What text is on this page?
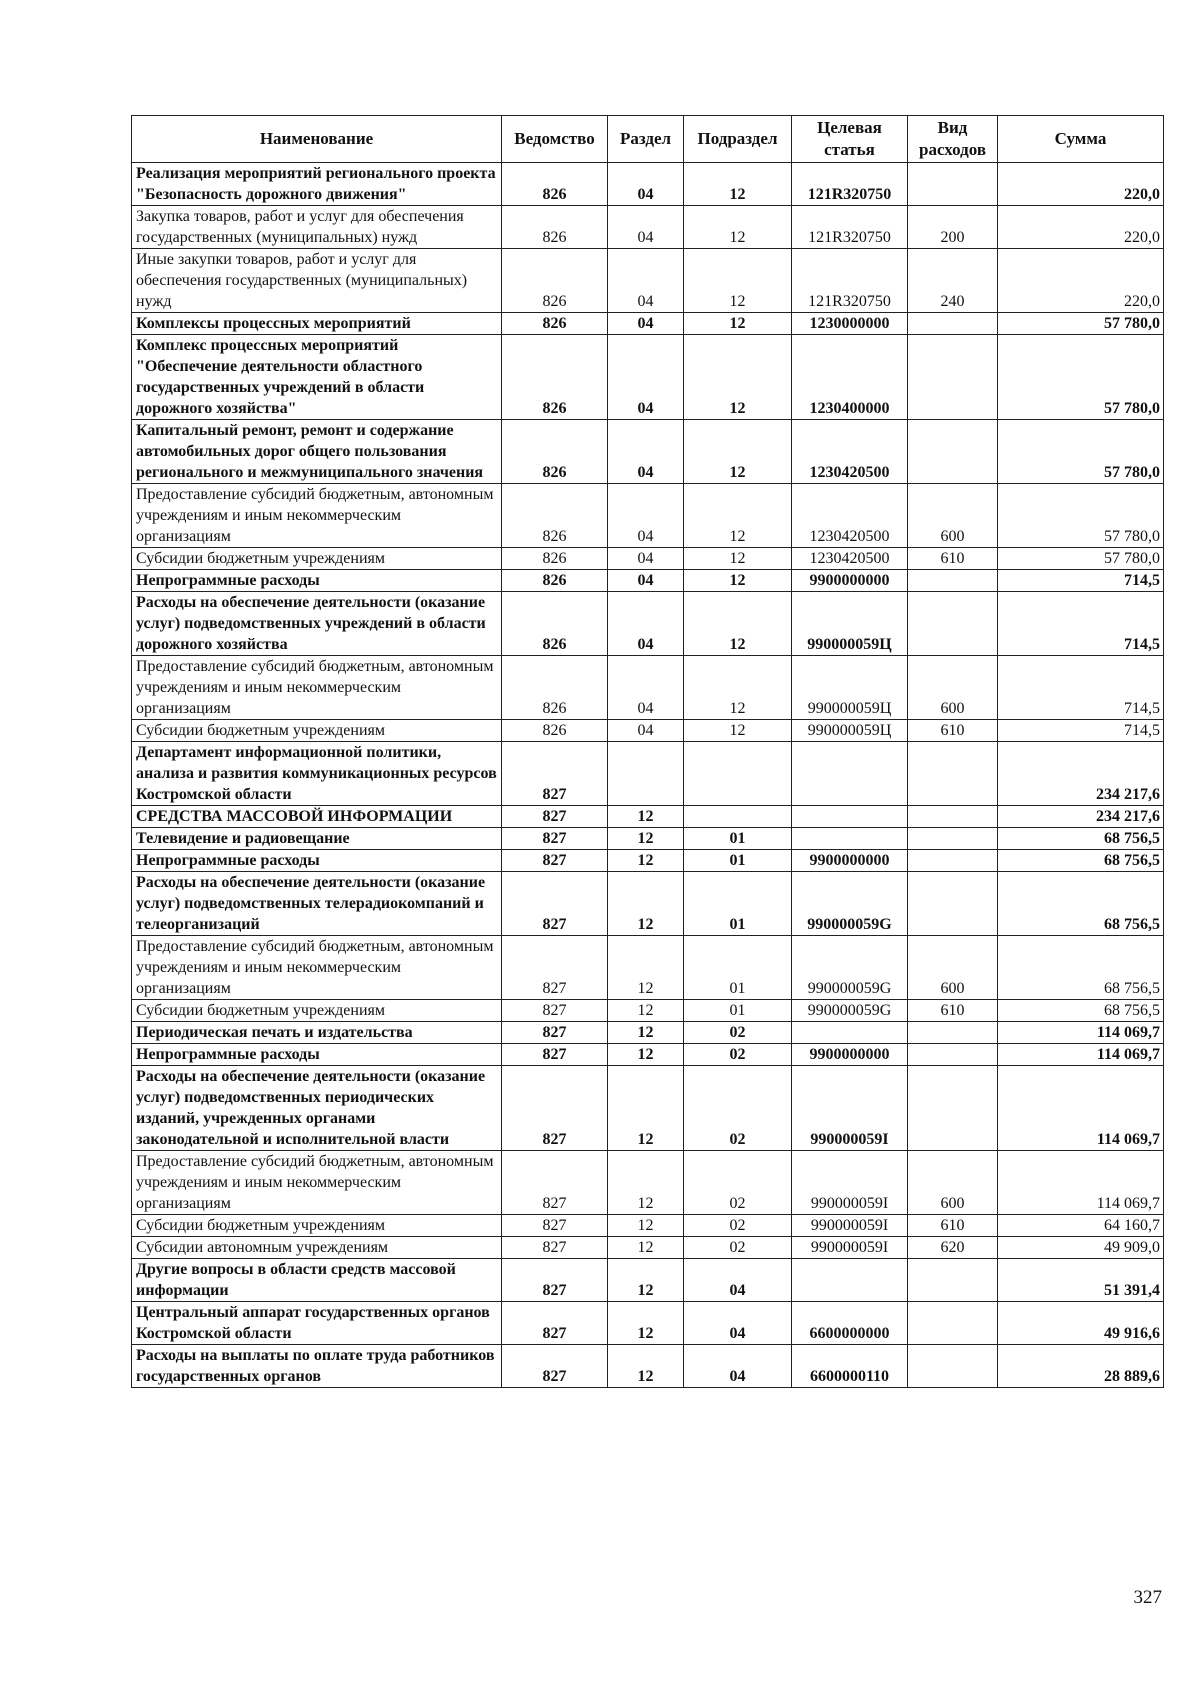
Наименование	Ведомство	Раздел	Подраздел	Целевая статья	Вид расходов	Сумма
Реализация мероприятий регионального проекта "Безопасность дорожного движения"	826	04	12	121R320750		220,0
Закупка товаров, работ и услуг для обеспечения государственных (муниципальных) нужд	826	04	12	121R320750	200	220,0
Иные закупки товаров, работ и услуг для обеспечения государственных (муниципальных) нужд	826	04	12	121R320750	240	220,0
Комплексы процессных мероприятий	826	04	12	1230000000		57 780,0
Комплекс процессных мероприятий "Обеспечение деятельности областного государственных учреждений в области дорожного хозяйства"	826	04	12	1230400000		57 780,0
Капитальный ремонт, ремонт и содержание автомобильных дорог общего пользования регионального и межмуниципального значения	826	04	12	1230420500		57 780,0
Предоставление субсидий бюджетным, автономным учреждениям и иным некоммерческим организациям	826	04	12	1230420500	600	57 780,0
Субсидии бюджетным учреждениям	826	04	12	1230420500	610	57 780,0
Непрограммные расходы	826	04	12	9900000000		714,5
Расходы на обеспечение деятельности (оказание услуг) подведомственных учреждений в области дорожного хозяйства	826	04	12	990000059Ц		714,5
Предоставление субсидий бюджетным, автономным учреждениям и иным некоммерческим организациям	826	04	12	990000059Ц	600	714,5
Субсидии бюджетным учреждениям	826	04	12	990000059Ц	610	714,5
Департамент информационной политики, анализа и развития коммуникационных ресурсов Костромской области	827					234 217,6
СРЕДСТВА МАССОВОЙ ИНФОРМАЦИИ	827	12				234 217,6
Телевидение и радиовещание	827	12	01			68 756,5
Непрограммные расходы	827	12	01	9900000000		68 756,5
Расходы на обеспечение деятельности (оказание услуг) подведомственных телерадиокомпаний и телеорганизаций	827	12	01	990000059G		68 756,5
Предоставление субсидий бюджетным, автономным учреждениям и иным некоммерческим организациям	827	12	01	990000059G	600	68 756,5
Субсидии бюджетным учреждениям	827	12	01	990000059G	610	68 756,5
Периодическая печать и издательства	827	12	02			114 069,7
Непрограммные расходы	827	12	02	9900000000		114 069,7
Расходы на обеспечение деятельности (оказание услуг) подведомственных периодических изданий, учрежденных органами законодательной и исполнительной власти	827	12	02	990000059I		114 069,7
Предоставление субсидий бюджетным, автономным учреждениям и иным некоммерческим организациям	827	12	02	990000059I	600	114 069,7
Субсидии бюджетным учреждениям	827	12	02	990000059I	610	64 160,7
Субсидии автономным учреждениям	827	12	02	990000059I	620	49 909,0
Другие вопросы в области средств массовой информации	827	12	04			51 391,4
Центральный аппарат государственных органов Костромской области	827	12	04	6600000000		49 916,6
Расходы на выплаты по оплате труда работников государственных органов	827	12	04	6600000110		28 889,6
327
